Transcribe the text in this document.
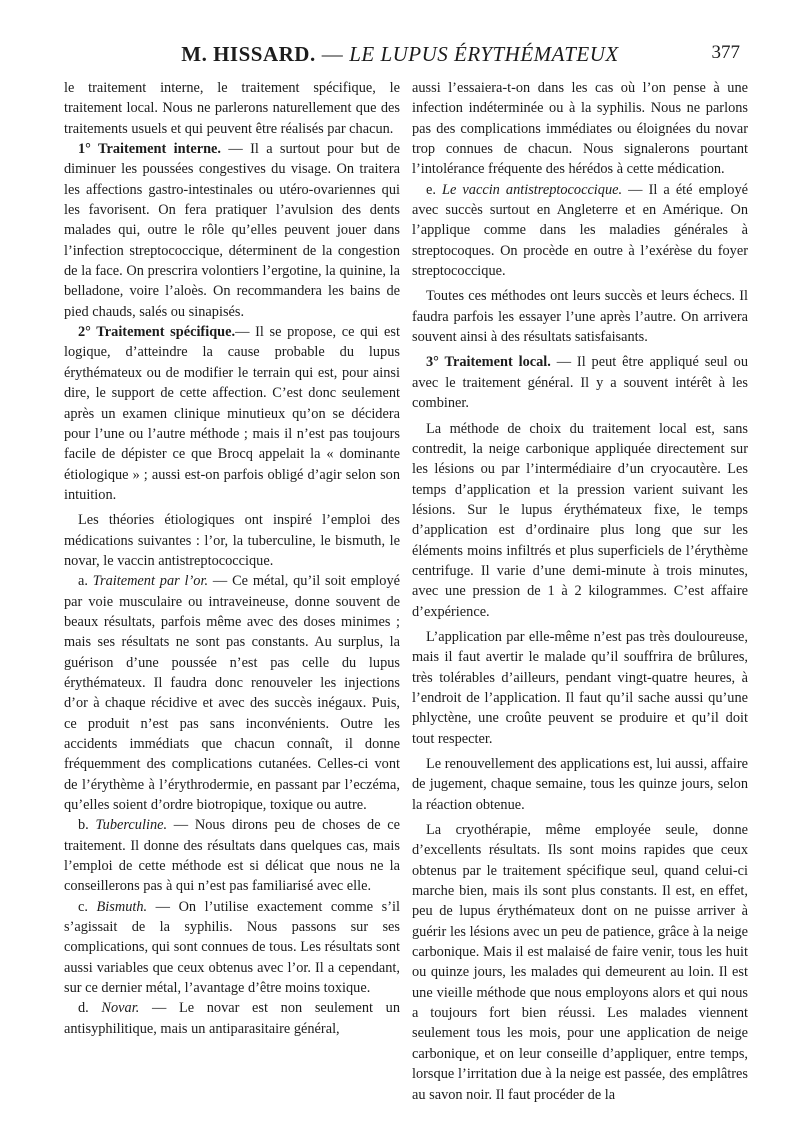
M. HISSARD. — LE LUPUS ÉRYTHÉMATEUX	377

le traitement interne, le traitement spécifique, le traitement local. Nous ne parlerons naturellement que des traitements usuels et qui peuvent être réalisés par chacun.

1° Traitement interne. — Il a surtout pour but de diminuer les poussées congestives du visage. On traitera les affections gastro-intestinales ou utéro-ovariennes qui les favorisent. On fera pratiquer l’avulsion des dents malades qui, outre le rôle qu’elles peuvent jouer dans l’infection streptococcique, déterminent de la congestion de la face. On prescrira volontiers l’ergotine, la quinine, la belladone, voire l’aloès. On recommandera les bains de pied chauds, salés ou sinapisés.

2° Traitement spécifique.— Il se propose, ce qui est logique, d’atteindre la cause probable du lupus érythémateux ou de modifier le terrain qui est, pour ainsi dire, le support de cette affection. C’est donc seulement après un examen clinique minutieux qu’on se décidera pour l’une ou l’autre méthode ; mais il n’est pas toujours facile de dépister ce que Brocq appelait la « dominante étiologique » ; aussi est-on parfois obligé d’agir selon son intuition.

Les théories étiologiques ont inspiré l’emploi des médications suivantes : l’or, la tuberculine, le bismuth, le novar, le vaccin antistreptococcique.

a. Traitement par l’or. — Ce métal, qu’il soit employé par voie musculaire ou intraveineuse, donne souvent de beaux résultats, parfois même avec des doses minimes ; mais ses résultats ne sont pas constants. Au surplus, la guérison d’une poussée n’est pas celle du lupus érythémateux. Il faudra donc renouveler les injections d’or à chaque récidive et avec des succès inégaux. Puis, ce produit n’est pas sans inconvénients. Outre les accidents immédiats que chacun connaît, il donne fréquemment des complications cutanées. Celles-ci vont de l’érythème à l’érythrodermie, en passant par l’eczéma, qu’elles soient d’ordre biotropique, toxique ou autre.

b. Tuberculine. — Nous dirons peu de choses de ce traitement. Il donne des résultats dans quelques cas, mais l’emploi de cette méthode est si délicat que nous ne la conseillerons pas à qui n’est pas familiarisé avec elle.

c. Bismuth. — On l’utilise exactement comme s’il s’agissait de la syphilis. Nous passons sur ses complications, qui sont connues de tous. Les résultats sont aussi variables que ceux obtenus avec l’or. Il a cependant, sur ce dernier métal, l’avantage d’être moins toxique.

d. Novar. — Le novar est non seulement un antisyphilitique, mais un antiparasitaire général,

aussi l’essaiera-t-on dans les cas où l’on pense à une infection indéterminée ou à la syphilis. Nous ne parlons pas des complications immédiates ou éloignées du novar trop connues de chacun. Nous signalerons pourtant l’intolérance fréquente des hérédos à cette médication.

e. Le vaccin antistreptococcique. — Il a été employé avec succès surtout en Angleterre et en Amérique. On l’applique comme dans les maladies générales à streptocoques. On procède en outre à l’exérèse du foyer streptococcique.

Toutes ces méthodes ont leurs succès et leurs échecs. Il faudra parfois les essayer l’une après l’autre. On arrivera souvent ainsi à des résultats satisfaisants.

3° Traitement local. — Il peut être appliqué seul ou avec le traitement général. Il y a souvent intérêt à les combiner.

La méthode de choix du traitement local est, sans contredit, la neige carbonique appliquée directement sur les lésions ou par l’intermédiaire d’un cryocautère. Les temps d’application et la pression varient suivant les lésions. Sur le lupus érythémateux fixe, le temps d’application est d’ordinaire plus long que sur les éléments moins infiltrés et plus superficiels de l’érythème centrifuge. Il varie d’une demi-minute à trois minutes, avec une pression de 1 à 2 kilogrammes. C’est affaire d’expérience.

L’application par elle-même n’est pas très douloureuse, mais il faut avertir le malade qu’il souffrira de brûlures, très tolérables d’ailleurs, pendant vingt-quatre heures, à l’endroit de l’application. Il faut qu’il sache aussi qu’une phlyctène, une croûte peuvent se produire et qu’il doit tout respecter.

Le renouvellement des applications est, lui aussi, affaire de jugement, chaque semaine, tous les quinze jours, selon la réaction obtenue.

La cryothérapie, même employée seule, donne d’excellents résultats. Ils sont moins rapides que ceux obtenus par le traitement spécifique seul, quand celui-ci marche bien, mais ils sont plus constants. Il est, en effet, peu de lupus érythémateux dont on ne puisse arriver à guérir les lésions avec un peu de patience, grâce à la neige carbonique. Mais il est malaisé de faire venir, tous les huit ou quinze jours, les malades qui demeurent au loin. Il est une vieille méthode que nous employons alors et qui nous a toujours fort bien réussi. Les malades viennent seulement tous les mois, pour une application de neige carbonique, et on leur conseille d’appliquer, entre temps, lorsque l’irritation due à la neige est passée, des emplâtres au savon noir. Il faut procéder de la
